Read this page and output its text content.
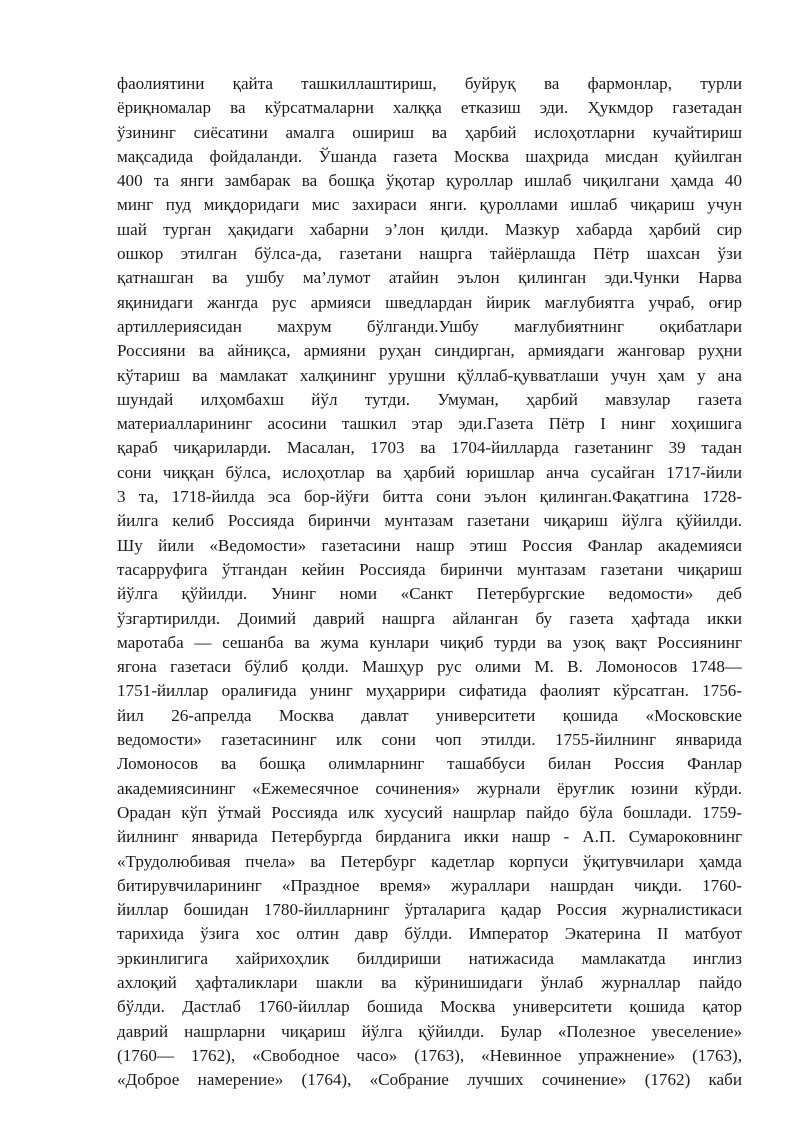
фаолиятини қайта ташкиллаштириш, буйруқ ва фармонлар, турли
ёриқномалар ва кўрсатмаларни халққа етказиш эди. Ҳукмдор газетадан
ўзининг сиёсатини амалга ошириш ва ҳарбий ислоҳотларни кучайтириш
мақсадида фойдаланди. Ўшанда газета Москва шаҳрида мисдан қуйилган
400 та янги замбарак ва бошқа ўқотар қуроллар ишлаб чиқилгани ҳамда 40
минг пуд миқдоридаги мис захираси янги. қуроллами ишлаб чиқариш учун
шай турган ҳақидаги хабарни э’лон қилди. Мазкур хабарда ҳарбий сир
ошкор этилган бўлса-да, газетани нашрга тайёрлашда Пётр шахсан ўзи
қатнашган ва ушбу ма’лумот атайин эълон қилинган эди.Чунки Нарва
яқинидаги жангда рус армияси шведлардан йирик мағлубиятга учраб, оғир
артиллериясидан махрум бўлганди.Ушбу мағлубиятнинг оқибатлари
Россияни ва айниқса, армияни руҳан синдирган, армиядаги жанговар руҳни
кўтариш ва мамлакат халқининг урушни қўллаб-қувватлаши учун ҳам у ана
шундай илҳомбахш йўл тутди. Умуман, ҳарбий мавзулар газета
материалларининг асосини ташкил этар эди.Газета Пётр I нинг хоҳишига
қараб чиқариларди. Масалан, 1703 ва 1704-йилларда газетанинг 39 тадан
сони чиққан бўлса, ислоҳотлар ва ҳарбий юришлар анча сусайган 1717-йили
3 та, 1718-йилда эса бор-йўғи битта сони эълон қилинган.Фақатгина 1728-
йилга келиб Россияда биринчи мунтазам газетани чиқариш йўлга қўйилди.
Шу йили «Ведомости» газетасини нашр этиш Россия Фанлар академияси
тасарруфига ўтгандан кейин Россияда биринчи мунтазам газетани чиқариш
йўлга қўйилди. Унинг номи «Санкт Петербургские ведомости» деб
ўзгартирилди. Доимий даврий нашрга айланган бу газета ҳафтада икки
маротаба — сешанба ва жума кунлари чиқиб турди ва узоқ вақт Россиянинг
ягона газетаси бўлиб қолди. Машҳур рус олими М. В. Ломоносов 1748—
1751-йиллар оралиғида унинг муҳаррири сифатида фаолият кўрсатган. 1756-
йил 26-апрелда Москва давлат университети қошида «Московские
ведомости» газетасининг илк сони чоп этилди. 1755-йилнинг январида
Ломоносов ва бошқа олимларнинг ташаббуси билан Россия Фанлар
академиясининг «Ежемесячное сочинения» журнали ёруғлик юзини кўрди.
Орадан кўп ўтмай Россияда илк хусусий нашрлар пайдо бўла бошлади. 1759-
йилнинг январида Петербургда бирданига икки нашр - А.П. Сумароковнинг
«Трудолюбивая пчела» ва Петербург кадетлар корпуси ўқитувчилари ҳамда
битирувчиларининг «Праздное время» жураллари нашрдан чиқди. 1760-
йиллар бошидан 1780-йилларнинг ўрталарига қадар Россия журналистикаси
тарихида ўзига хос олтин давр бўлди. Император Экатерина II матбуот
эркинлигига хайрихоҳлик билдириши натижасида мамлакатда инглиз
ахлоқий ҳафталиклари шакли ва кўринишидаги ўнлаб журналлар пайдо
бўлди. Дастлаб 1760-йиллар бошида Москва университети қошида қатор
даврий нашрларни чиқариш йўлга қўйилди. Булар «Полезное увеселение»
(1760— 1762), «Свободное часо» (1763), «Невинное упражнение» (1763),
«Доброе намерение» (1764), «Собрание лучших сочинение» (1762) каби
